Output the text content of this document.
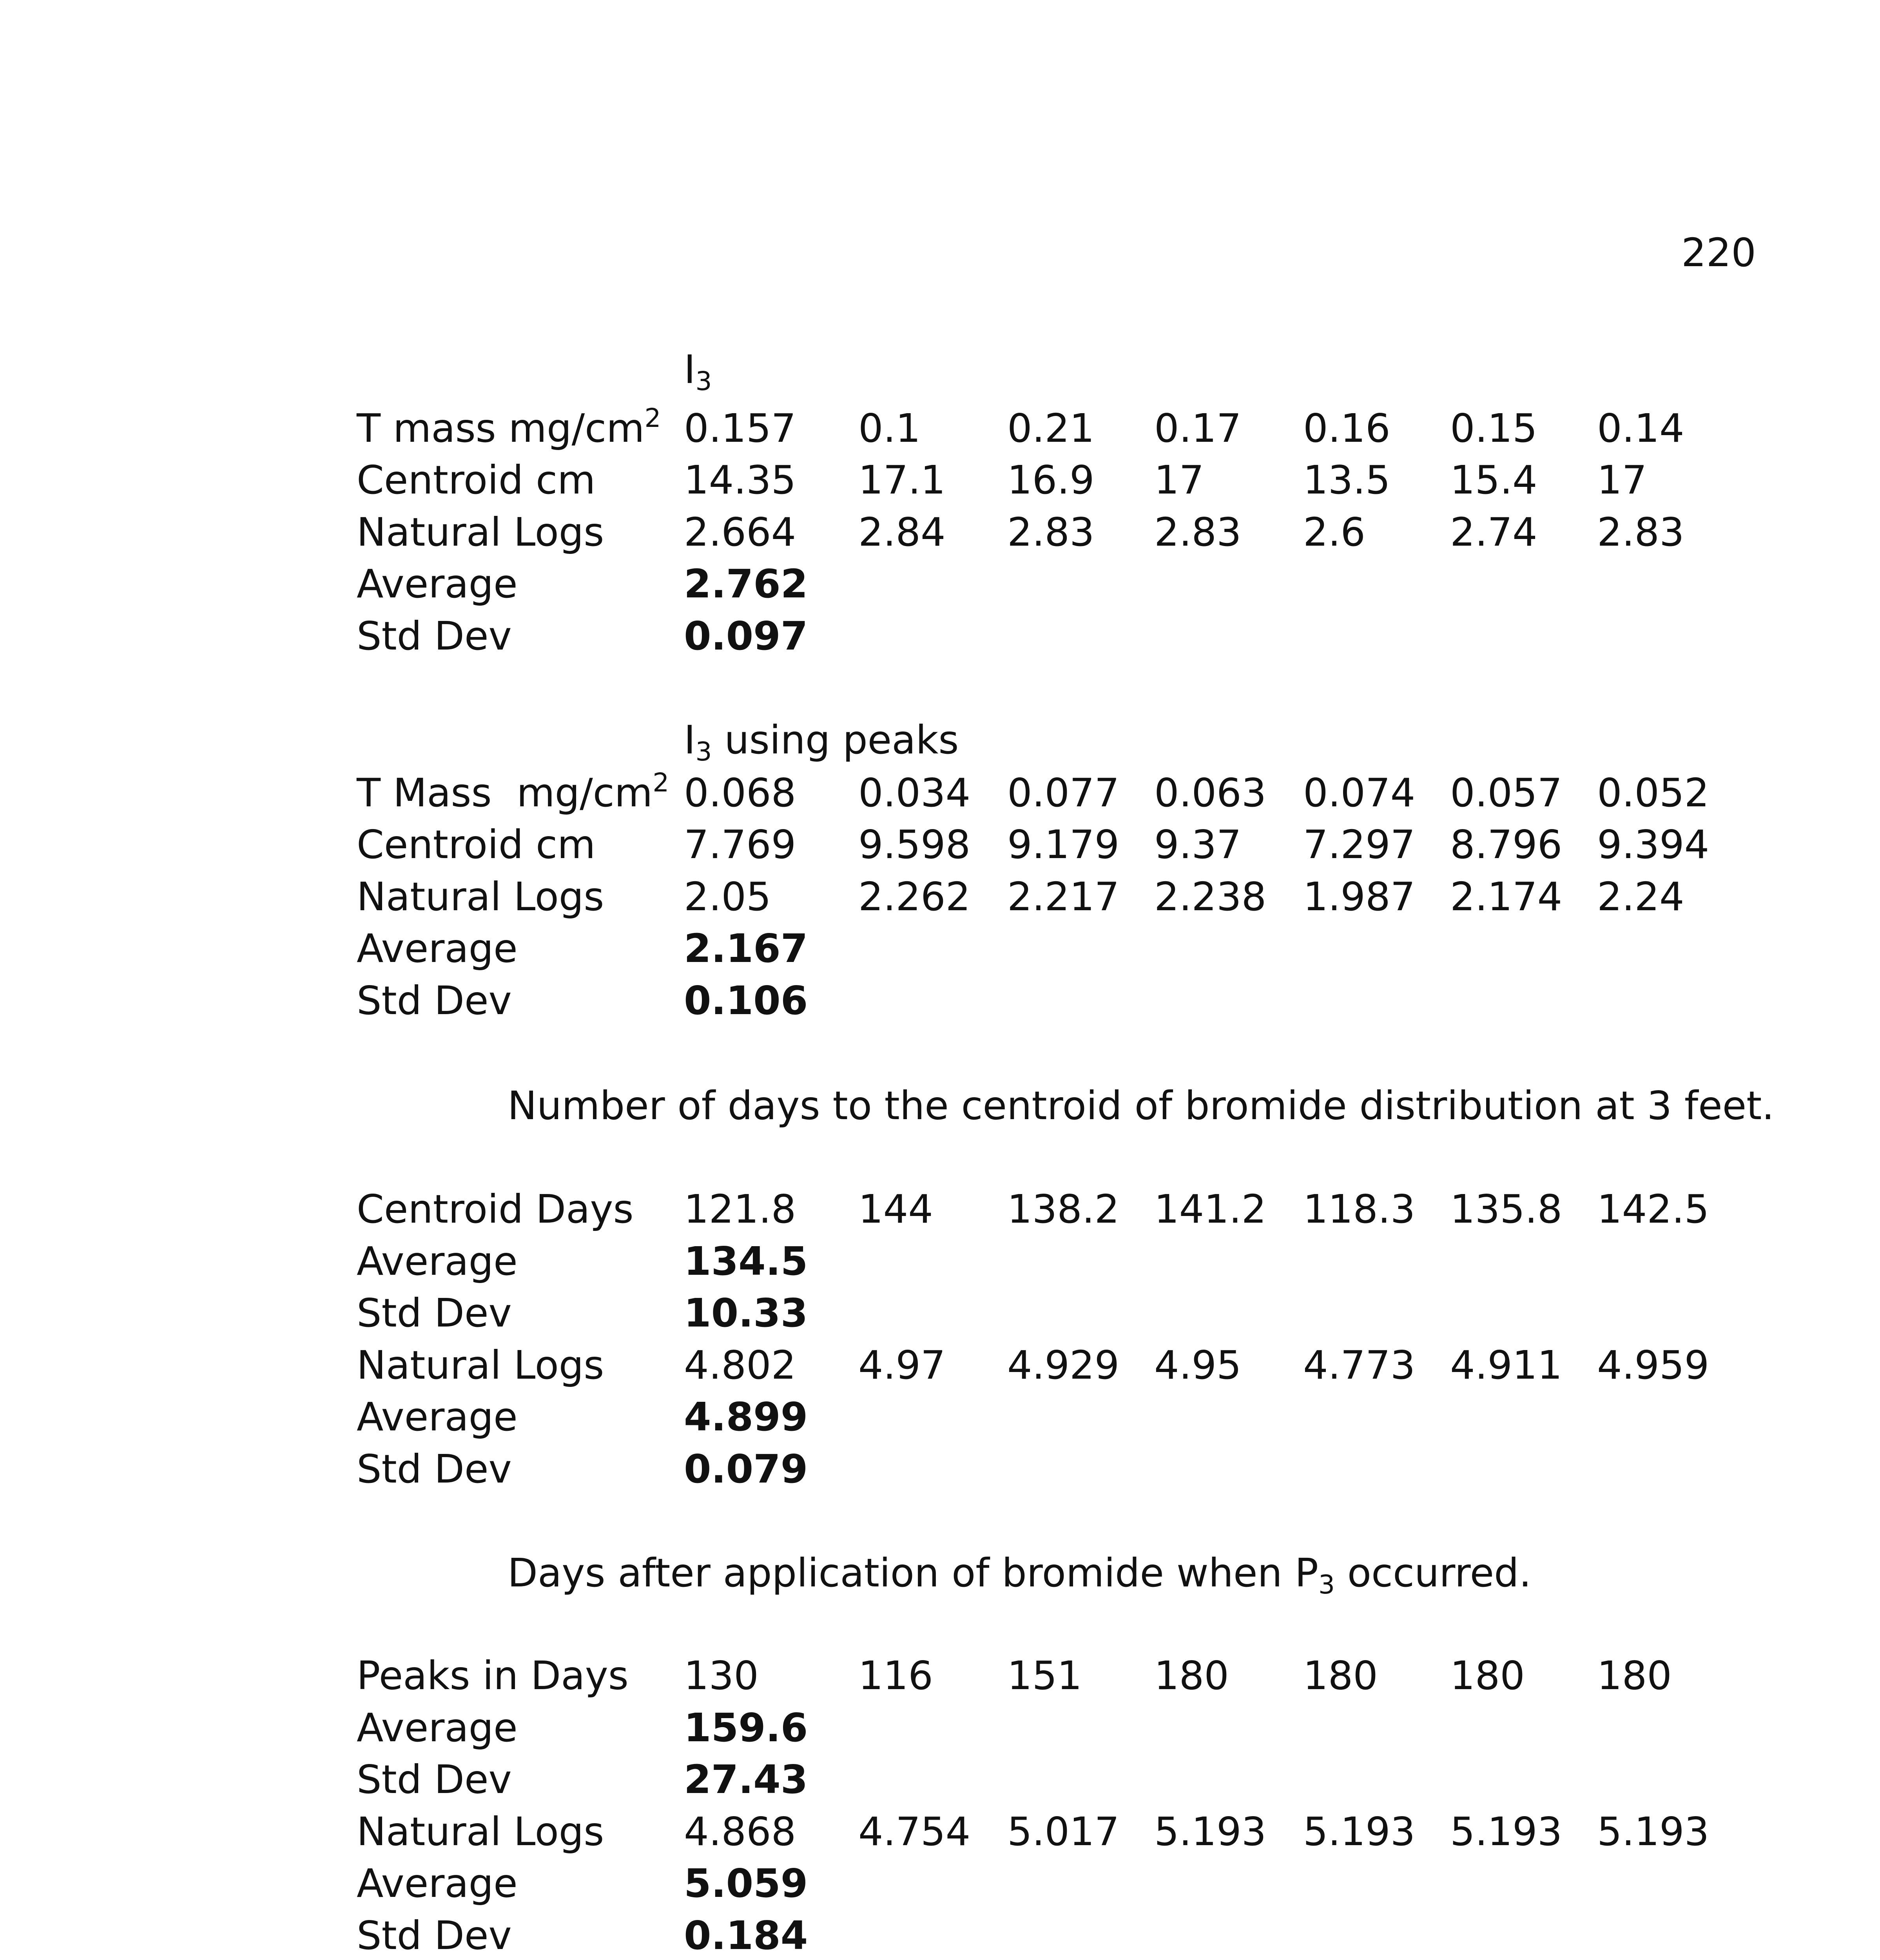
220
$I_3$
T mass $mg/cm^2$ 0.157 0.1 0.21 0.17 0.16 0.15 0.14
Centroid cm 14.35 17.1 16.9 17	13.5 15.4 17
Natural Logs 2.664 2.84 2.83 2.83 2.6 2.74 2.83
Average	2.762
Std Dev	0.097
$I_3$ using peaks
T Mass  $mg/cm^2$ 0.068 0.034 0.077 0.063 0.074 0.057 0.052
Centroid cm 7.769 9.598 9.179 9.37 7.297 8.796 9.394
Natural Logs 2.05 2.262 2.217 2.238 1.987 2.174 2.24
Average	2.167
Std Dev	0.106
Number of days to the centroid of bromide distribution at 3 feet.
Centroid Days 121.8 144 138.2 141.2 118.3 135.8 142.5
Average	134.5
Std Dev	10.33
Natural Logs 4.802 4.97 4.929 4.95 4.773 4.911 4.959
Average	4.899
Std Dev	0.079
Days after application of bromide when $P_3$ occurred.
Peaks in Days 130	116 151 180 180 180 180
Average	159.6
Std Dev	27.43
Natural Logs 4.868 4.754 5.017 5.193 5.193 5.193 5.193
Average	5.059
Std Dev	0.184
